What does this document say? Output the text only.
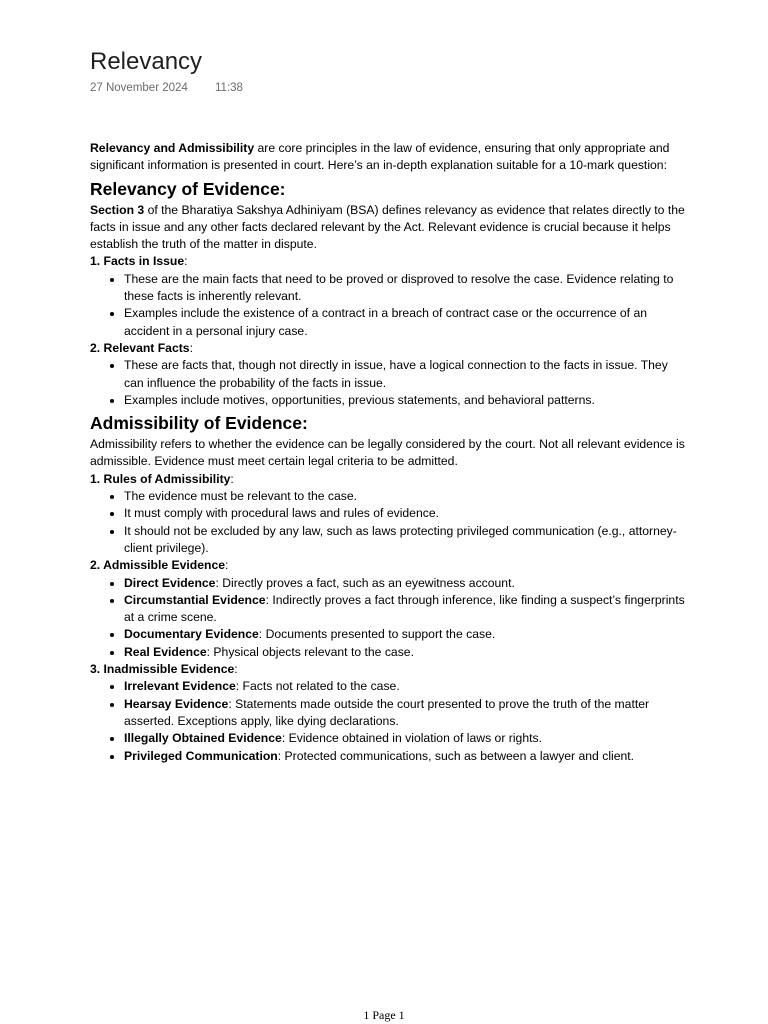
Relevancy
27 November 2024 11:38

Relevancy and Admissibility are core principles in the law of evidence, ensuring that only appropriate and significant information is presented in court. Here’s an in-depth explanation suitable for a 10-mark question:

Relevancy of Evidence:

Section 3 of the Bharatiya Sakshya Adhiniyam (BSA) defines relevancy as evidence that relates directly to the facts in issue and any other facts declared relevant by the Act. Relevant evidence is crucial because it helps establish the truth of the matter in dispute.

1. Facts in Issue:

• These are the main facts that need to be proved or disproved to resolve the case. Evidence relating to these facts is inherently relevant.
• Examples include the existence of a contract in a breach of contract case or the occurrence of an accident in a personal injury case.

2. Relevant Facts:

• These are facts that, though not directly in issue, have a logical connection to the facts in issue. They can influence the probability of the facts in issue.
• Examples include motives, opportunities, previous statements, and behavioral patterns.
Admissibility of Evidence:

Admissibility refers to whether the evidence can be legally considered by the court. Not all relevant evidence is admissible. Evidence must meet certain legal criteria to be admitted.

1. Rules of Admissibility:

• The evidence must be relevant to the case.
• It must comply with procedural laws and rules of evidence.
• It should not be excluded by any law, such as laws protecting privileged communication (e.g., attorney-client privilege).

2. Admissible Evidence:

• Direct Evidence: Directly proves a fact, such as an eyewitness account.
• Circumstantial Evidence: Indirectly proves a fact through inference, like finding a suspect’s fingerprints at a crime scene.
• Documentary Evidence: Documents presented to support the case.
• Real Evidence: Physical objects relevant to the case.

3. Inadmissible Evidence:

• Irrelevant Evidence: Facts not related to the case.
• Hearsay Evidence: Statements made outside the court presented to prove the truth of the matter asserted. Exceptions apply, like dying declarations.
• Illegally Obtained Evidence: Evidence obtained in violation of laws or rights.
• Privileged Communication: Protected communications, such as between a lawyer and client.
1 Page 1
